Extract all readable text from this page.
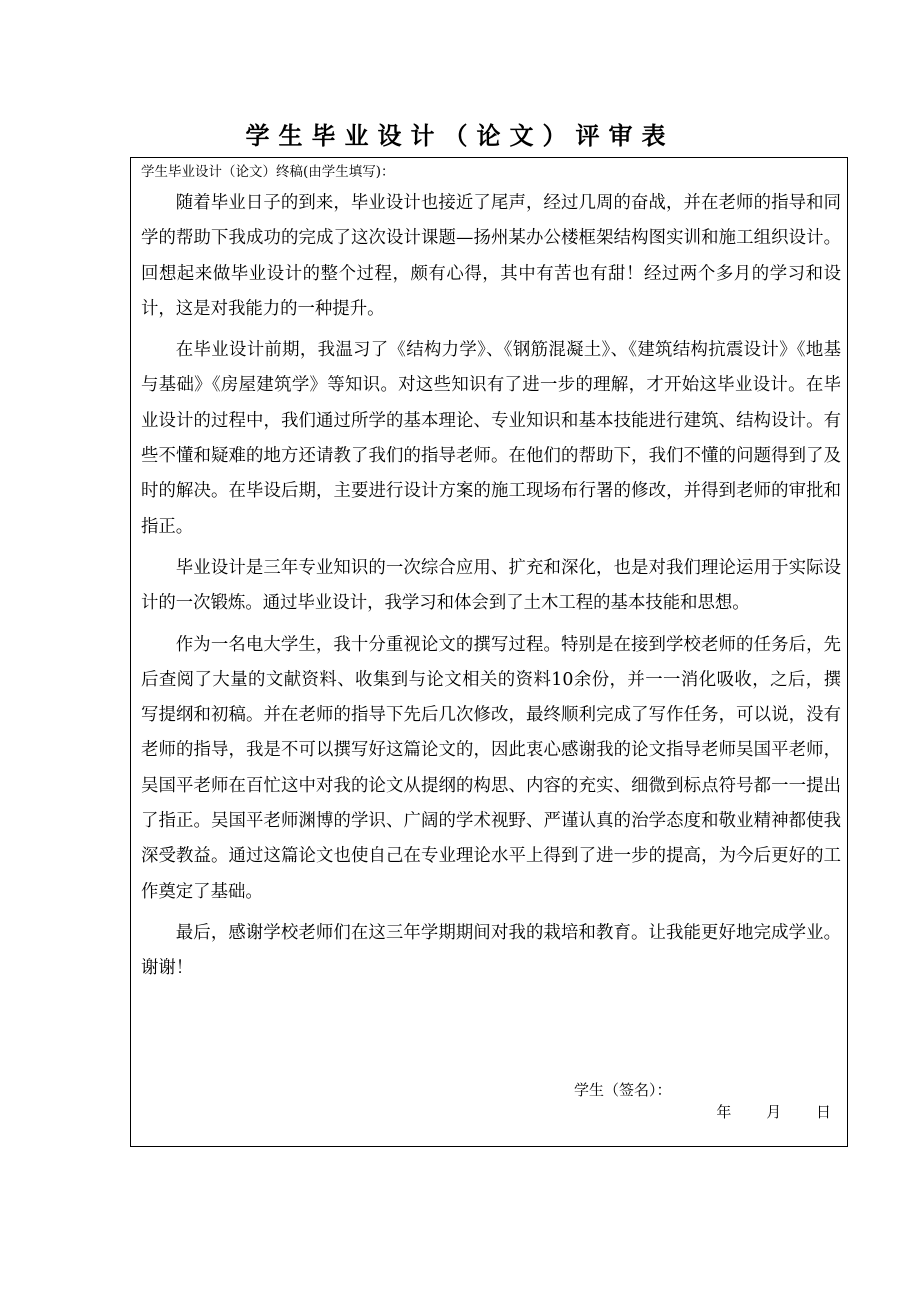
学生毕业设计（论文）评审表
学生毕业设计（论文）终稿(由学生填写)：

随着毕业日子的到来，毕业设计也接近了尾声，经过几周的奋战，并在老师的指导和同学的帮助下我成功的完成了这次设计课题—扬州某办公楼框架结构图实训和施工组织设计。回想起来做毕业设计的整个过程，颇有心得，其中有苦也有甜！经过两个多月的学习和设计，这是对我能力的一种提升。

在毕业设计前期，我温习了《结构力学》、《钢筋混凝土》、《建筑结构抗震设计》《地基与基础》《房屋建筑学》等知识。对这些知识有了进一步的理解，才开始这毕业设计。在毕业设计的过程中，我们通过所学的基本理论、专业知识和基本技能进行建筑、结构设计。有些不懂和疑难的地方还请教了我们的指导老师。在他们的帮助下，我们不懂的问题得到了及时的解决。在毕设后期，主要进行设计方案的施工现场布行署的修改，并得到老师的审批和指正。

毕业设计是三年专业知识的一次综合应用、扩充和深化，也是对我们理论运用于实际设计的一次锻炼。通过毕业设计，我学习和体会到了土木工程的基本技能和思想。

作为一名电大学生，我十分重视论文的撰写过程。特别是在接到学校老师的任务后，先后查阅了大量的文献资料、收集到与论文相关的资料10余份，并一一消化吸收，之后，撰写提纲和初稿。并在老师的指导下先后几次修改，最终顺利完成了写作任务，可以说，没有老师的指导，我是不可以撰写好这篇论文的，因此衷心感谢我的论文指导老师吴国平老师，吴国平老师在百忙这中对我的论文从提纲的构思、内容的充实、细微到标点符号都一一提出了指正。吴国平老师渊博的学识、广阔的学术视野、严谨认真的治学态度和敬业精神都使我深受教益。通过这篇论文也使自己在专业理论水平上得到了进一步的提高，为今后更好的工作奠定了基础。

最后，感谢学校老师们在这三年学期期间对我的栽培和教育。让我能更好地完成学业。谢谢！

学生（签名）：
年 月 日
